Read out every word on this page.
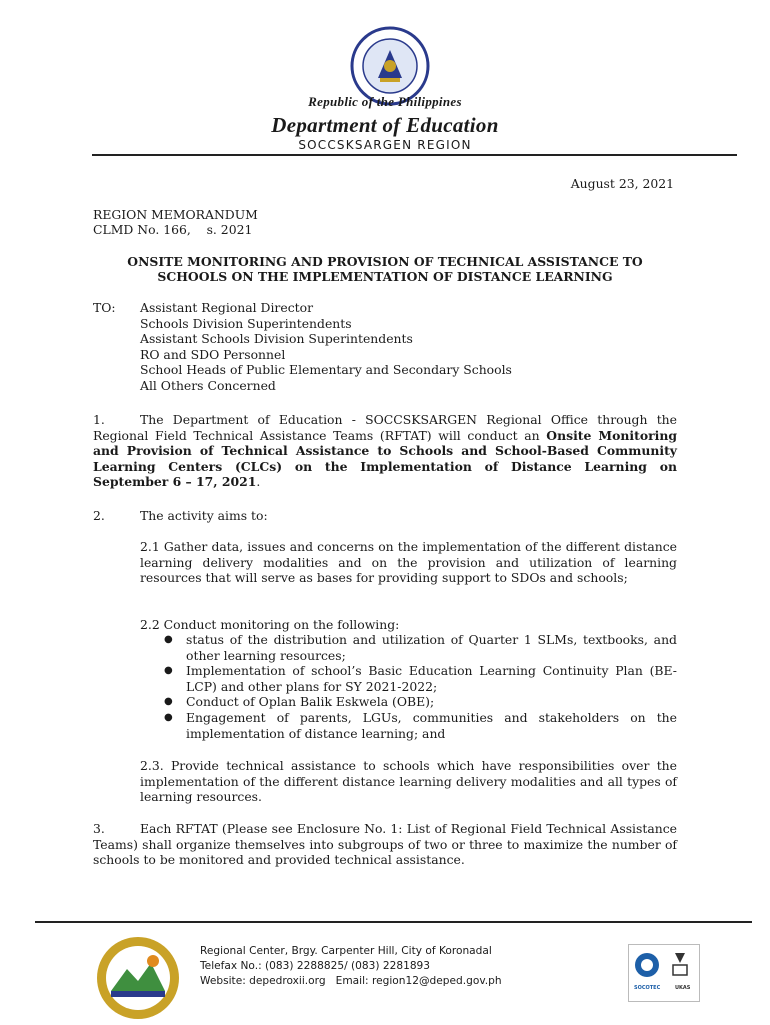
Republic of the Philippines
Department of Education
SOCCSKSARGEN REGION
August 23, 2021
REGION MEMORANDUM
CLMD No. 166,    s. 2021
ONSITE MONITORING AND PROVISION OF TECHNICAL ASSISTANCE TO
SCHOOLS ON THE IMPLEMENTATION OF DISTANCE LEARNING
TO: Assistant Regional Director
Schools Division Superintendents
Assistant Schools Division Superintendents
RO and SDO Personnel
School Heads of Public Elementary and Secondary Schools
All Others Concerned
1.	The Department of Education - SOCCSKSARGEN Regional Office through the Regional Field Technical Assistance Teams (RFTAT) will conduct an Onsite Monitoring and Provision of Technical Assistance to Schools and School-Based Community Learning Centers (CLCs) on the Implementation of Distance Learning on September 6 – 17, 2021.
2.	The activity aims to:
2.1 Gather data, issues and concerns on the implementation of the different distance learning delivery modalities and on the provision and utilization of learning resources that will serve as bases for providing support to SDOs and schools;
2.2 Conduct monitoring on the following:
● status of the distribution and utilization of Quarter 1 SLMs, textbooks, and other learning resources;
● Implementation of school’s Basic Education Learning Continuity Plan (BE-LCP) and other plans for SY 2021-2022;
● Conduct of Oplan Balik Eskwela (OBE);
● Engagement of parents, LGUs, communities and stakeholders on the implementation of distance learning; and
2.3. Provide technical assistance to schools which have responsibilities over the implementation of the different distance learning delivery modalities and all types of learning resources.
3.	Each RFTAT (Please see Enclosure No. 1: List of Regional Field Technical Assistance Teams) shall organize themselves into subgroups of two or three to maximize the number of schools to be monitored and provided technical assistance.
Regional Center, Brgy. Carpenter Hill, City of Koronadal
Telefax No.: (083) 2288825/ (083) 2281893
Website: depedroxii.org   Email: region12@deped.gov.ph
SOCOTEC	UKAS
